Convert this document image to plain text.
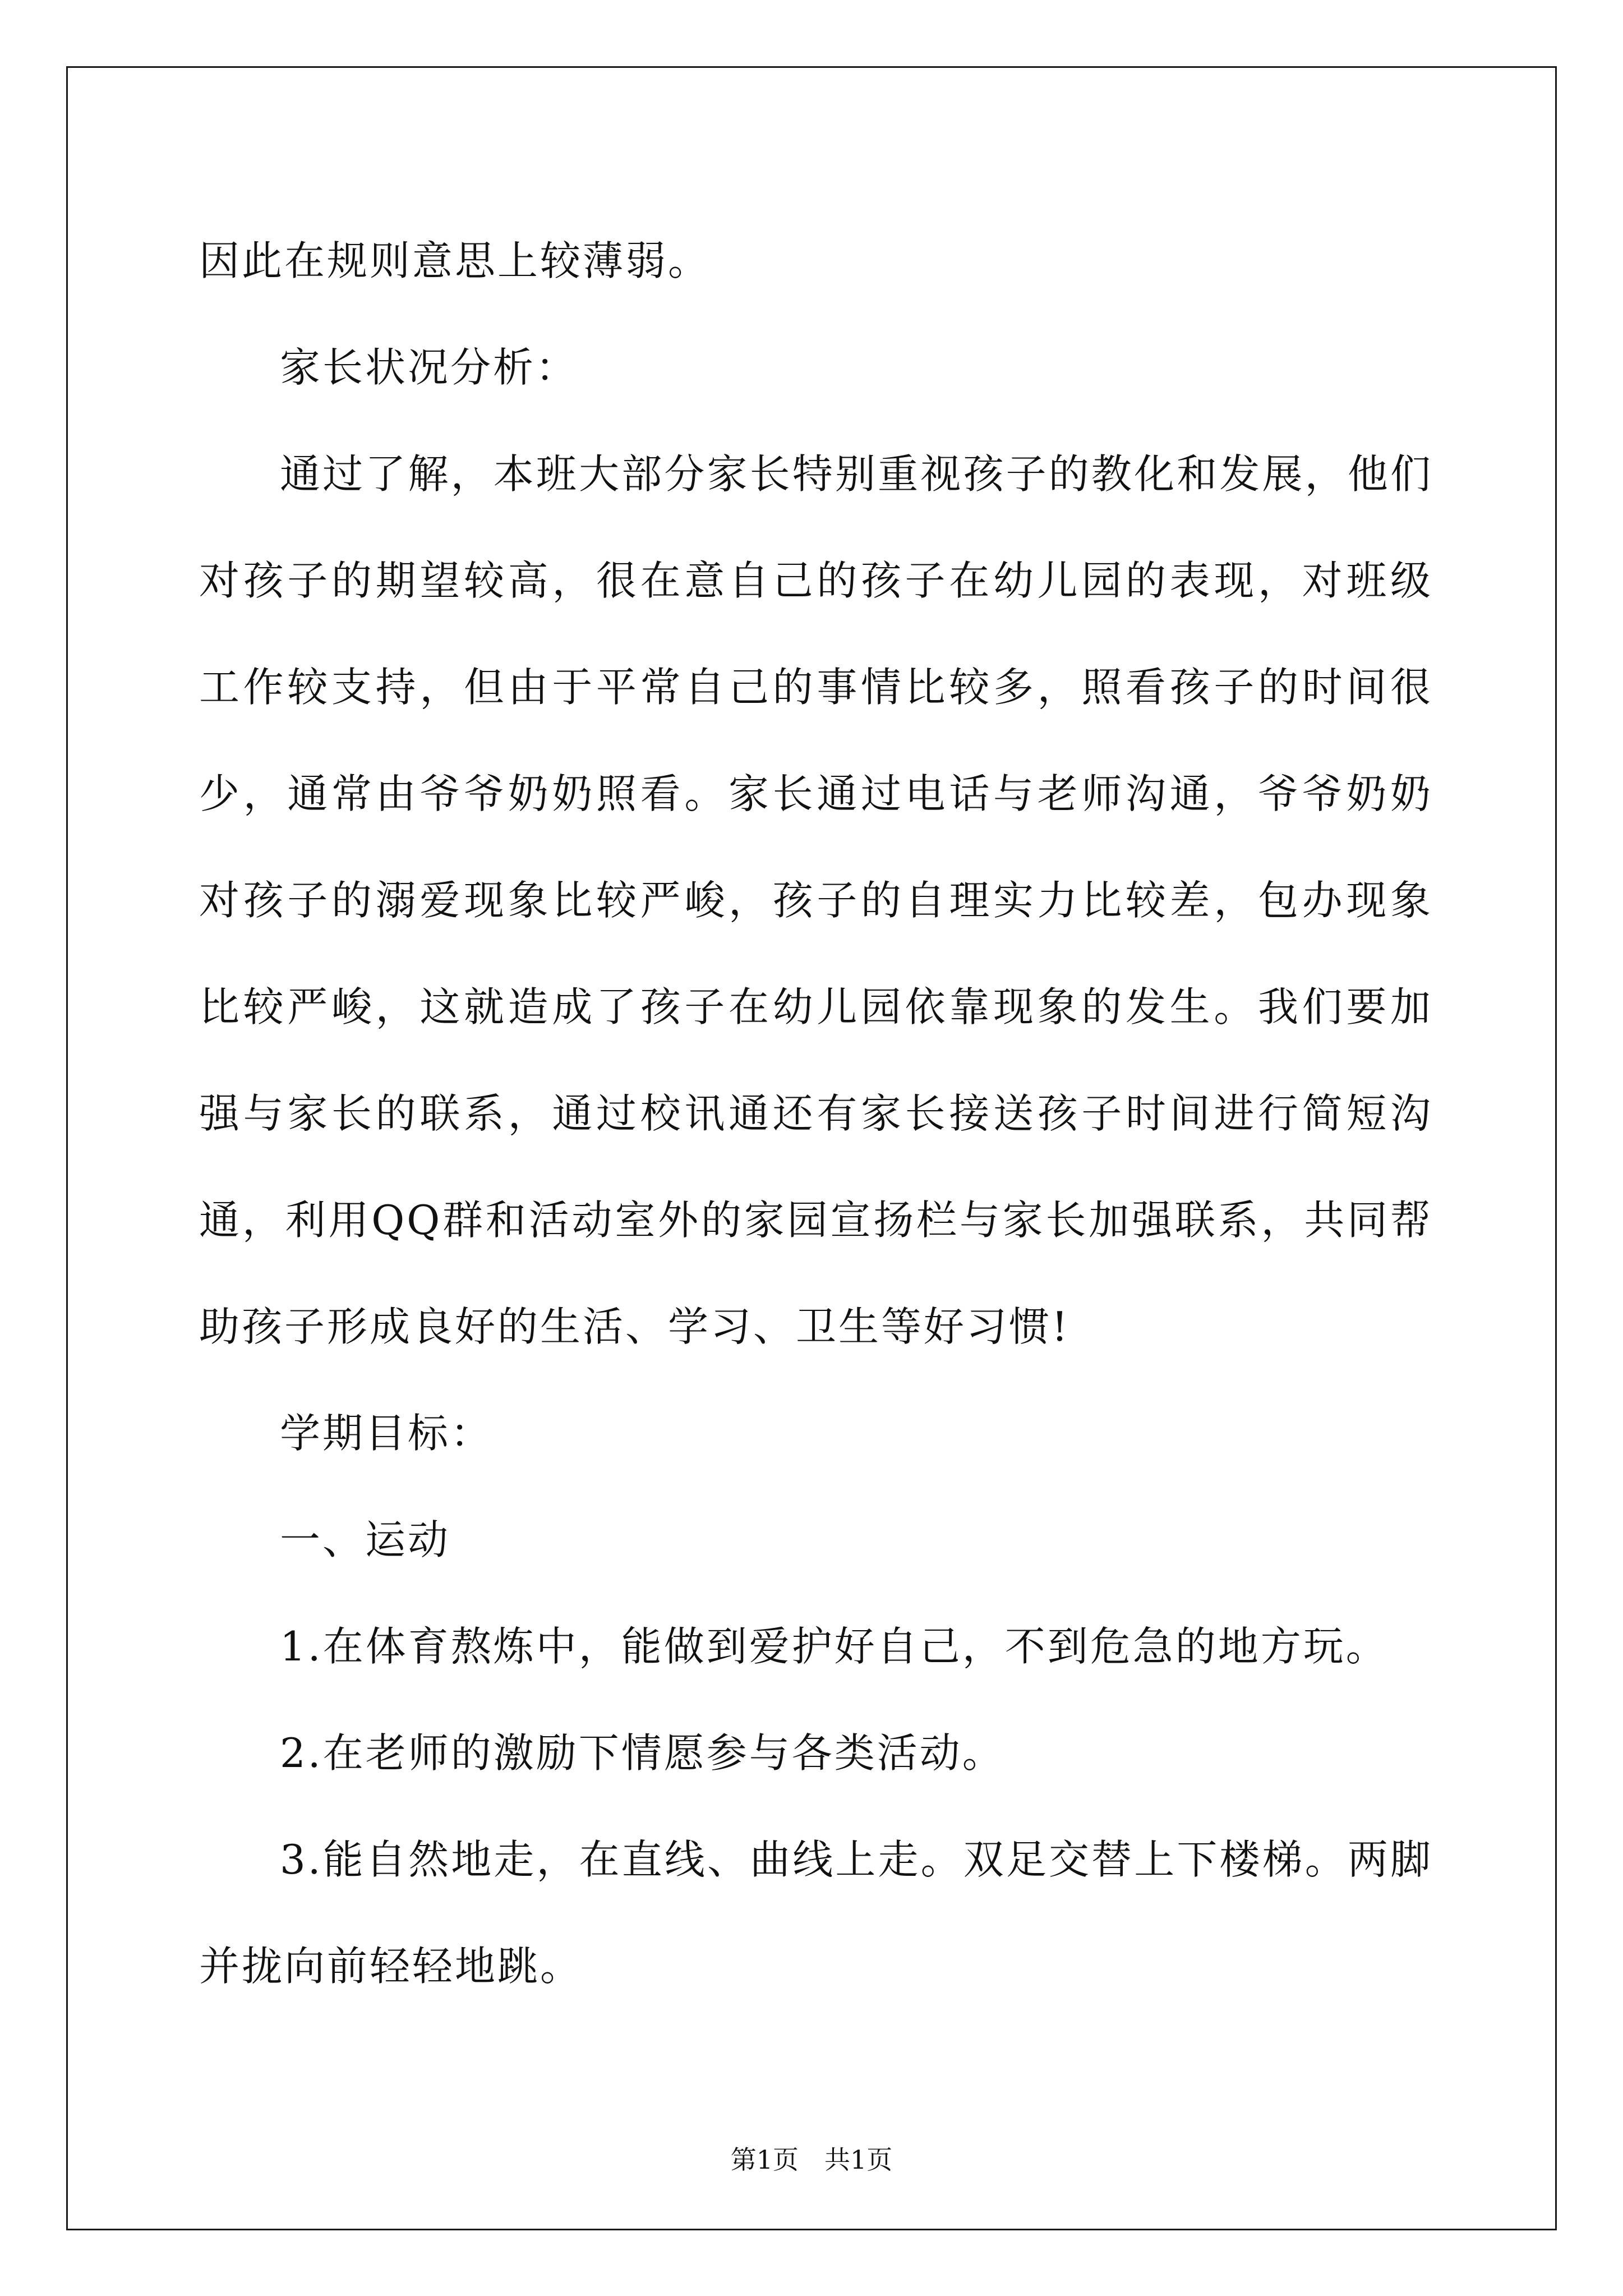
因此在规则意思上较薄弱。

家长状况分析：

通过了解，本班大部分家长特别重视孩子的教化和发展，他们对孩子的期望较高，很在意自己的孩子在幼儿园的表现，对班级工作较支持，但由于平常自己的事情比较多，照看孩子的时间很少，通常由爷爷奶奶照看。家长通过电话与老师沟通，爷爷奶奶对孩子的溺爱现象比较严峻，孩子的自理实力比较差，包办现象比较严峻，这就造成了孩子在幼儿园依靠现象的发生。我们要加强与家长的联系，通过校讯通还有家长接送孩子时间进行简短沟通，利用QQ群和活动室外的家园宣扬栏与家长加强联系，共同帮助孩子形成良好的生活、学习、卫生等好习惯!

学期目标：

一、运动

1.在体育熬炼中，能做到爱护好自己，不到危急的地方玩。

2.在老师的激励下情愿参与各类活动。

3.能自然地走，在直线、曲线上走。双足交替上下楼梯。两脚并拢向前轻轻地跳。

第1页　共1页
